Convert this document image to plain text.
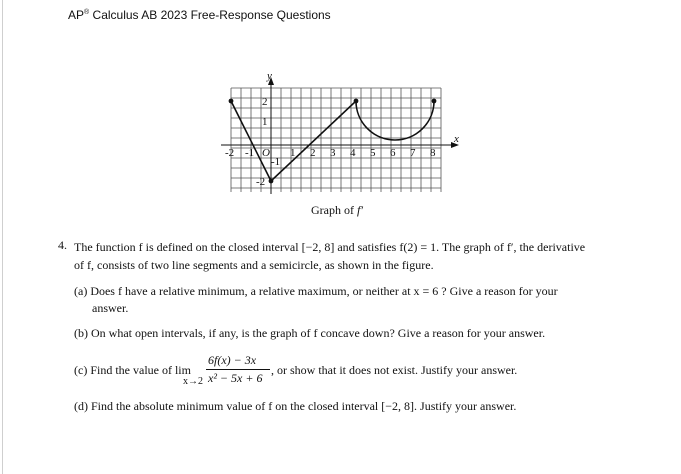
AP® Calculus AB 2023 Free-Response Questions
-2 -1 O 1 2 3 4 5 6 7 8
2
1
-1
-2
x
y
Graph of f′
4. The function f is defined on the closed interval [−2, 8] and satisfies f(2) = 1. The graph of f′, the derivative
of f, consists of two line segments and a semicircle, as shown in the figure.
(a) Does f have a relative minimum, a relative maximum, or neither at x = 6 ? Give a reason for your
answer.
(b) On what open intervals, if any, is the graph of f concave down? Give a reason for your answer.
(c) Find the value of lim
x→2
6f(x) − 3x
x² − 5x + 6
, or show that it does not exist. Justify your answer.
(d) Find the absolute minimum value of f on the closed interval [−2, 8]. Justify your answer.
